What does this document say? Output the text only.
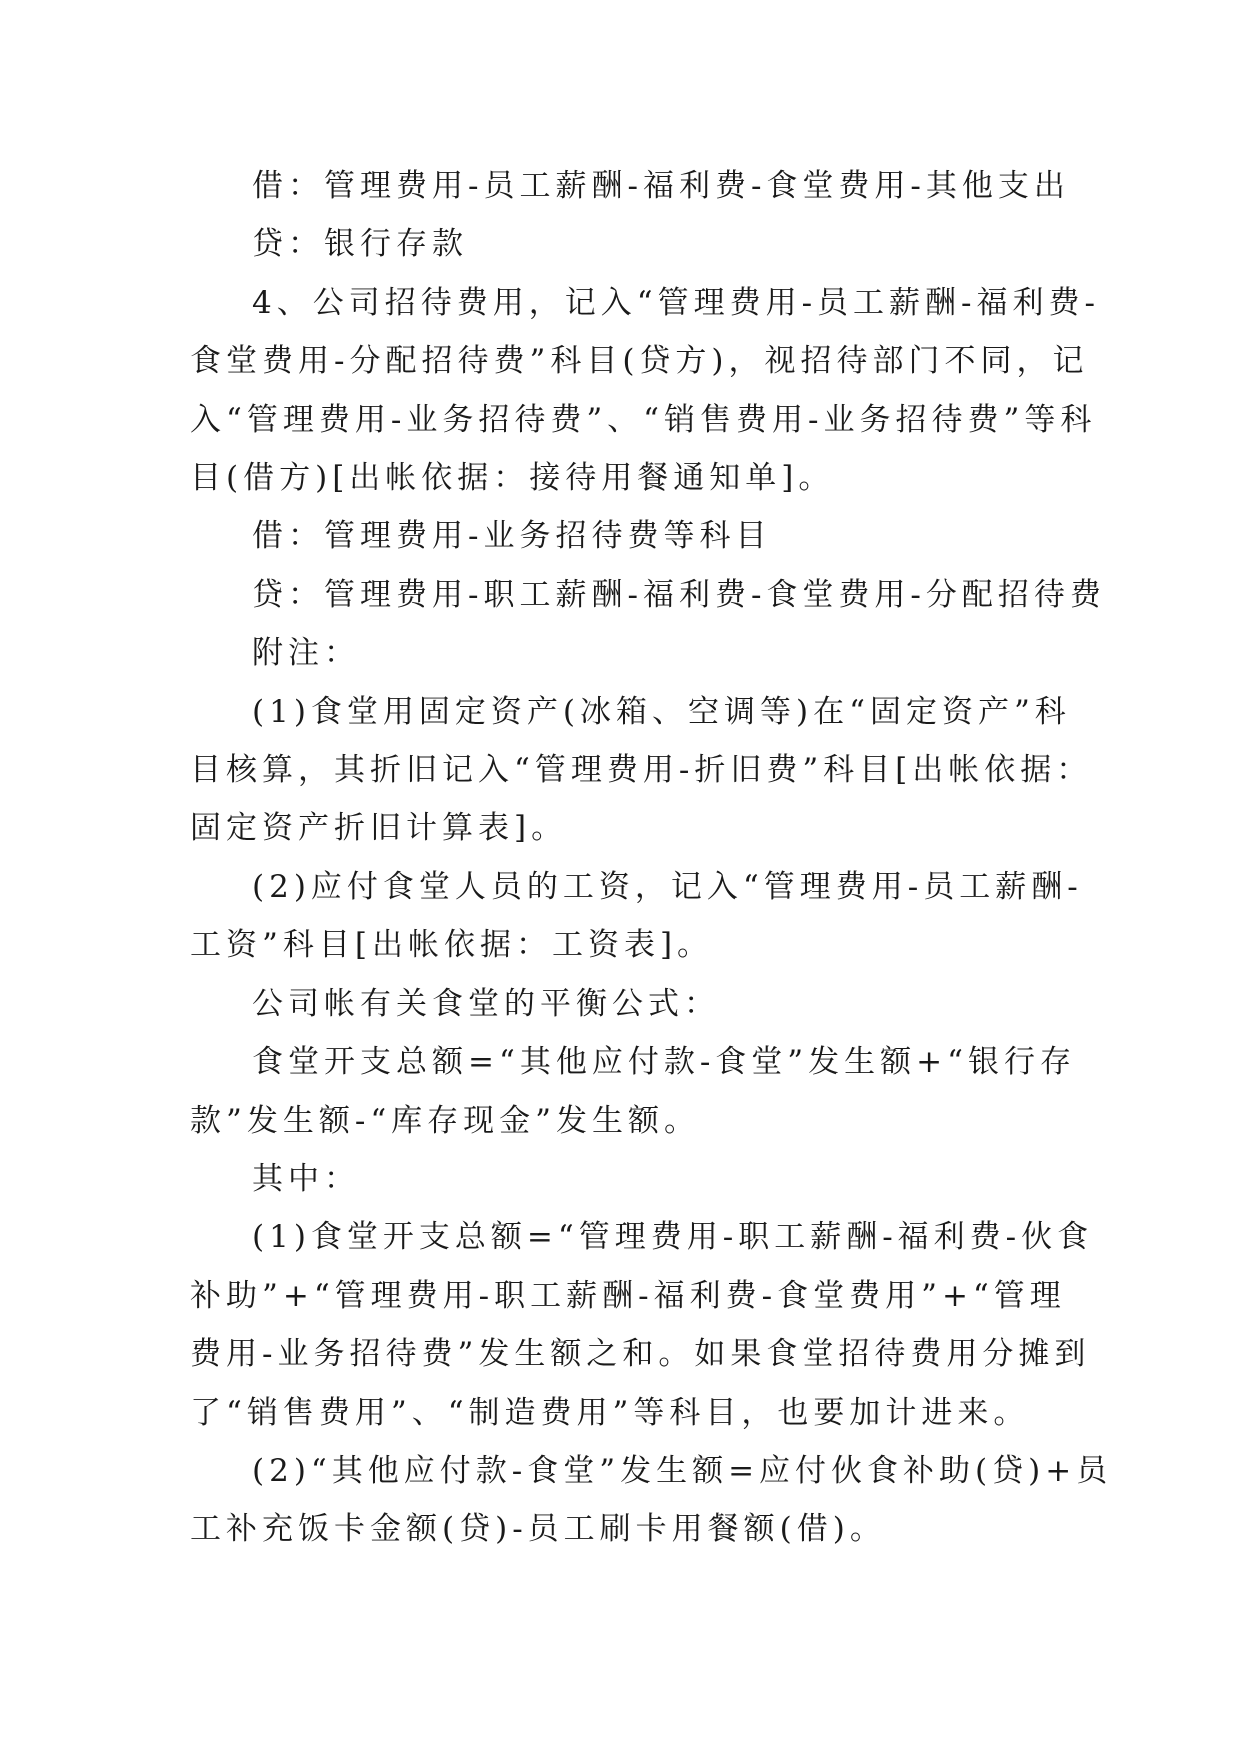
借：管理费用-员工薪酬-福利费-食堂费用-其他支出
贷：银行存款
4、公司招待费用，记入“管理费用-员工薪酬-福利费-
食堂费用-分配招待费”科目(贷方)，视招待部门不同，记
入“管理费用-业务招待费”、“销售费用-业务招待费”等科
目(借方)[出帐依据：接待用餐通知单]。
借：管理费用-业务招待费等科目
贷：管理费用-职工薪酬-福利费-食堂费用-分配招待费
附注：
(1)食堂用固定资产(冰箱、空调等)在“固定资产”科
目核算，其折旧记入“管理费用-折旧费”科目[出帐依据：
固定资产折旧计算表]。
(2)应付食堂人员的工资，记入“管理费用-员工薪酬-
工资”科目[出帐依据：工资表]。
公司帐有关食堂的平衡公式：
食堂开支总额=“其他应付款-食堂”发生额+“银行存
款”发生额-“库存现金”发生额。
其中：
(1)食堂开支总额=“管理费用-职工薪酬-福利费-伙食
补助”+“管理费用-职工薪酬-福利费-食堂费用”+“管理
费用-业务招待费”发生额之和。如果食堂招待费用分摊到
了“销售费用”、“制造费用”等科目，也要加计进来。
(2)“其他应付款-食堂”发生额=应付伙食补助(贷)+员
工补充饭卡金额(贷)-员工刷卡用餐额(借)。
